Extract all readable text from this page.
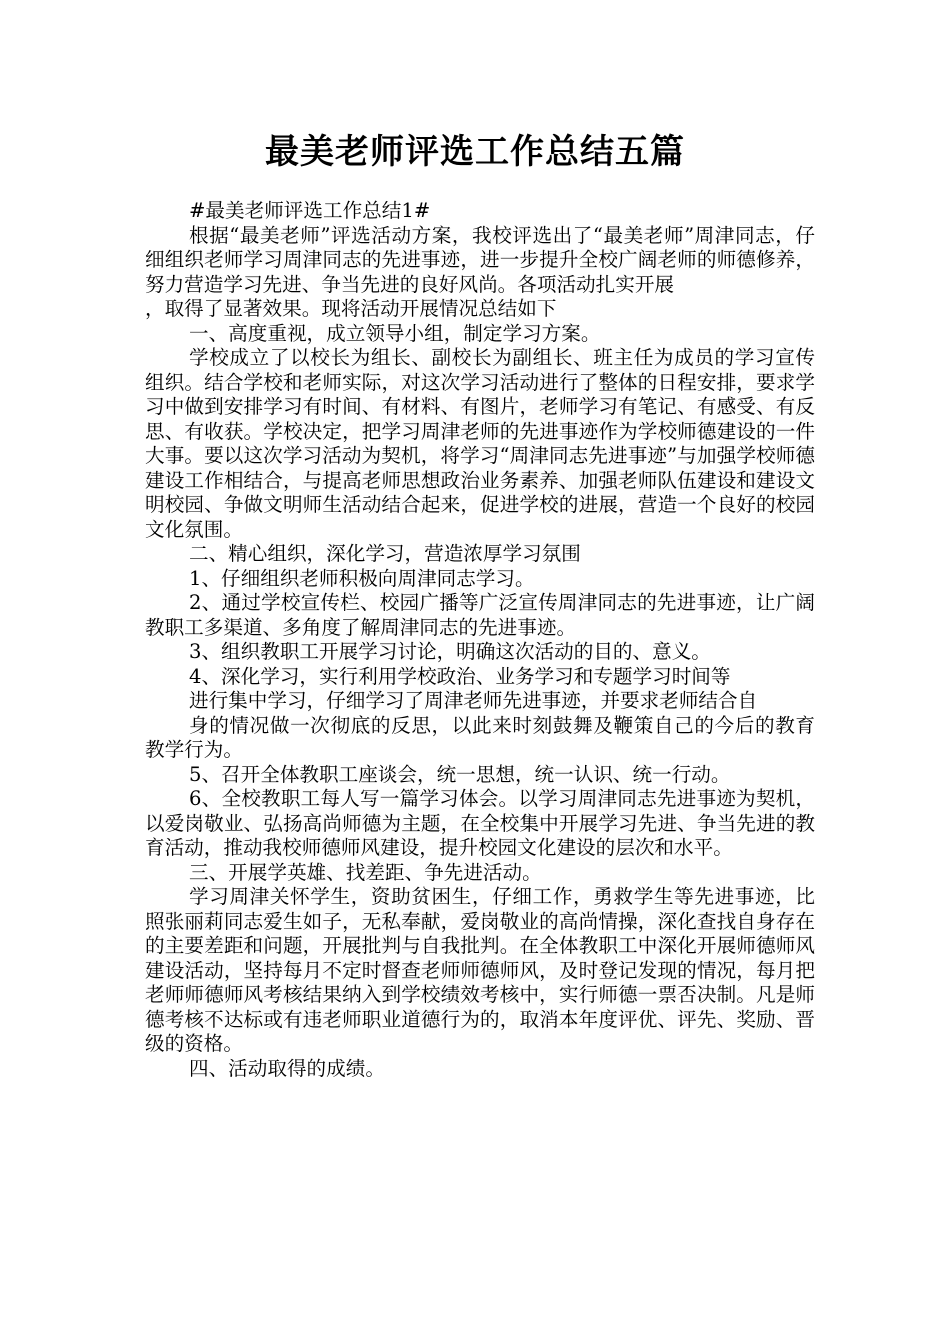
最美老师评选工作总结五篇

#最美老师评选工作总结1#

根据“最美老师”评选活动方案，我校评选出了“最美老师”周津同志，仔细组织老师学习周津同志的先进事迹，进一步提升全校广阔老师的师德修养，努力营造学习先进、争当先进的良好风尚。各项活动扎实开展

，取得了显著效果。现将活动开展情况总结如下

一、高度重视，成立领导小组，制定学习方案。

学校成立了以校长为组长、副校长为副组长、班主任为成员的学习宣传组织。结合学校和老师实际，对这次学习活动进行了整体的日程安排，要求学习中做到安排学习有时间、有材料、有图片，老师学习有笔记、有感受、有反思、有收获。学校决定，把学习周津老师的先进事迹作为学校师德建设的一件大事。要以这次学习活动为契机，将学习“周津同志先进事迹”与加强学校师德建设工作相结合，与提高老师思想政治业务素养、加强老师队伍建设和建设文明校园、争做文明师生活动结合起来，促进学校的进展，营造一个良好的校园文化氛围。

二、精心组织，深化学习，营造浓厚学习氛围

1、仔细组织老师积极向周津同志学习。

2、通过学校宣传栏、校园广播等广泛宣传周津同志的先进事迹，让广阔教职工多渠道、多角度了解周津同志的先进事迹。

3、组织教职工开展学习讨论，明确这次活动的目的、意义。

4、深化学习，实行利用学校政治、业务学习和专题学习时间等

进行集中学习，仔细学习了周津老师先进事迹，并要求老师结合自

身的情况做一次彻底的反思，以此来时刻鼓舞及鞭策自己的今后的教育教学行为。

5、召开全体教职工座谈会，统一思想，统一认识、统一行动。

6、全校教职工每人写一篇学习体会。以学习周津同志先进事迹为契机，以爱岗敬业、弘扬高尚师德为主题，在全校集中开展学习先进、争当先进的教育活动，推动我校师德师风建设，提升校园文化建设的层次和水平。

三、开展学英雄、找差距、争先进活动。

学习周津关怀学生，资助贫困生，仔细工作，勇救学生等先进事迹，比照张丽莉同志爱生如子，无私奉献，爱岗敬业的高尚情操，深化查找自身存在的主要差距和问题，开展批判与自我批判。在全体教职工中深化开展师德师风建设活动，坚持每月不定时督查老师师德师风，及时登记发现的情况，每月把老师师德师风考核结果纳入到学校绩效考核中，实行师德一票否决制。凡是师德考核不达标或有违老师职业道德行为的，取消本年度评优、评先、奖励、晋级的资格。

四、活动取得的成绩。
